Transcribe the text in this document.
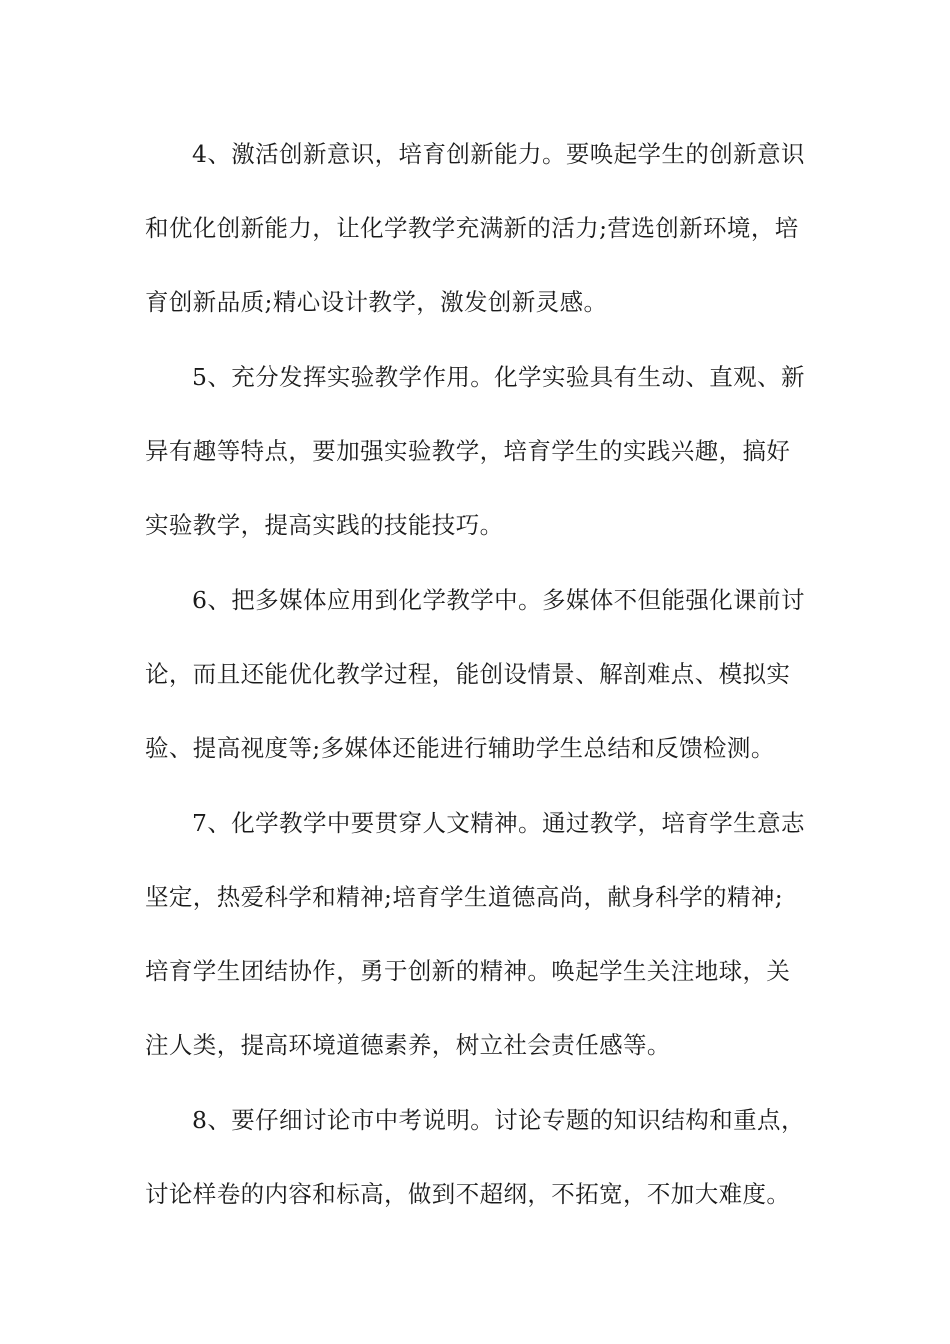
4、激活创新意识，培育创新能力。要唤起学生的创新意识
和优化创新能力，让化学教学充满新的活力;营选创新环境，培
育创新品质;精心设计教学，激发创新灵感。
5、充分发挥实验教学作用。化学实验具有生动、直观、新
异有趣等特点，要加强实验教学，培育学生的实践兴趣，搞好
实验教学，提高实践的技能技巧。
6、把多媒体应用到化学教学中。多媒体不但能强化课前讨
论，而且还能优化教学过程，能创设情景、解剖难点、模拟实
验、提高视度等;多媒体还能进行辅助学生总结和反馈检测。
7、化学教学中要贯穿人文精神。通过教学，培育学生意志
坚定，热爱科学和精神;培育学生道德高尚，献身科学的精神;
培育学生团结协作，勇于创新的精神。唤起学生关注地球，关
注人类，提高环境道德素养，树立社会责任感等。
8、要仔细讨论市中考说明。讨论专题的知识结构和重点，
讨论样卷的内容和标高，做到不超纲，不拓宽，不加大难度。
